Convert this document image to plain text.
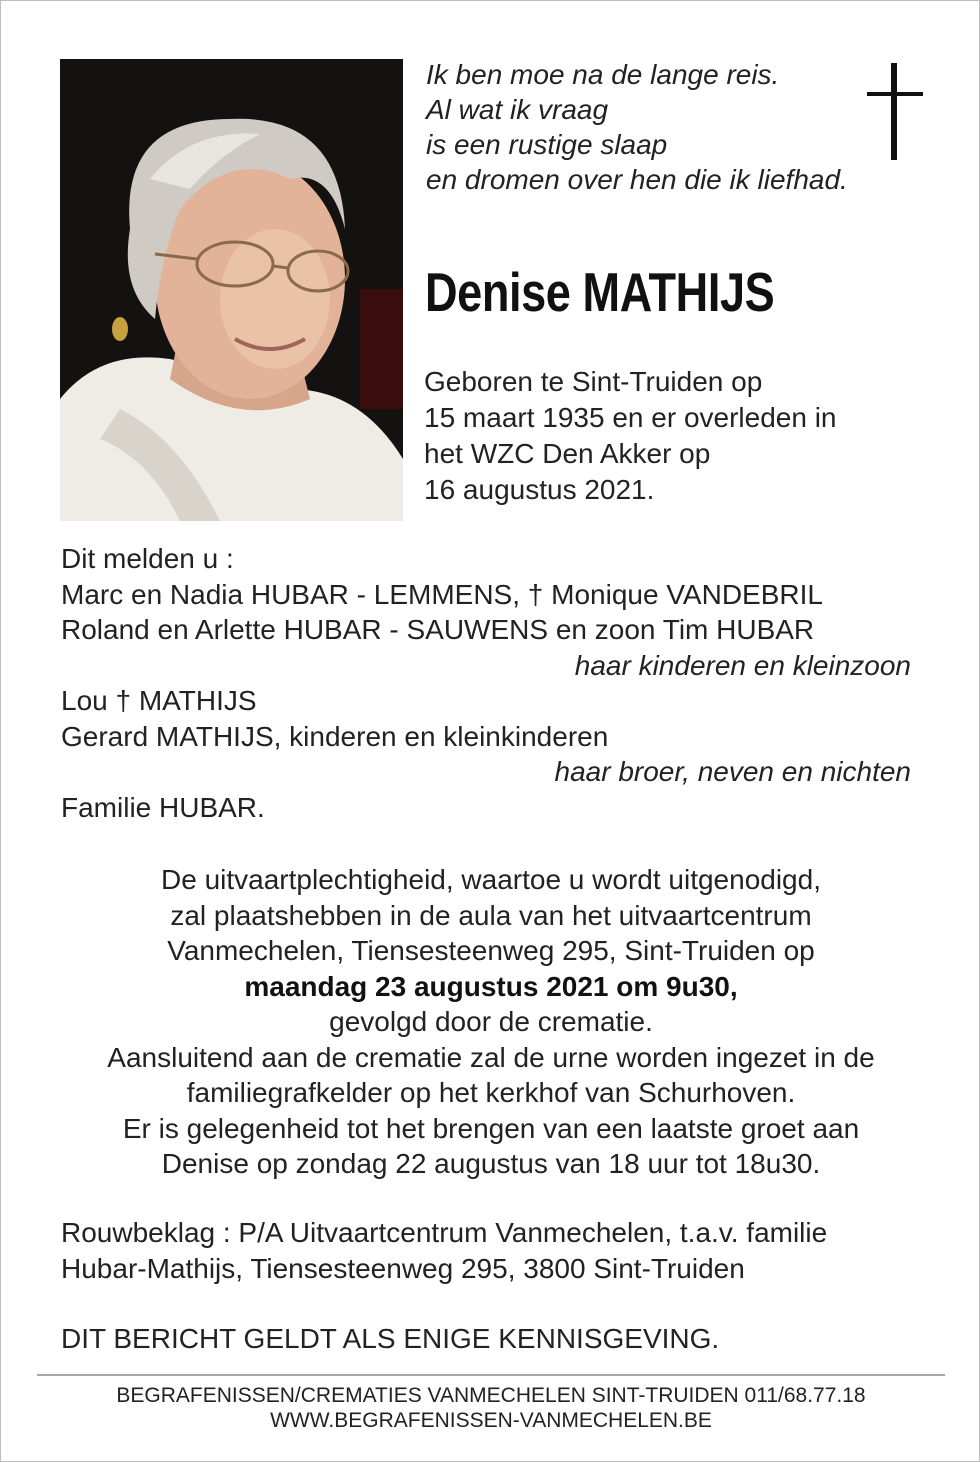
Ik ben moe na de lange reis.
Al wat ik vraag
is een rustige slaap
en dromen over hen die ik liefhad.
Denise MATHIJS
Geboren te Sint-Truiden op
15 maart 1935 en er overleden in
het WZC Den Akker op
16 augustus 2021.
Dit melden u :
Marc en Nadia HUBAR - LEMMENS, † Monique VANDEBRIL
Roland en Arlette HUBAR - SAUWENS en zoon Tim HUBAR
haar kinderen en kleinzoon
Lou † MATHIJS
Gerard MATHIJS, kinderen en kleinkinderen
haar broer, neven en nichten
Familie HUBAR.
De uitvaartplechtigheid, waartoe u wordt uitgenodigd,
zal plaatshebben in de aula van het uitvaartcentrum
Vanmechelen, Tiensesteenweg 295, Sint-Truiden op
maandag 23 augustus 2021 om 9u30,
gevolgd door de crematie.
Aansluitend aan de crematie zal de urne worden ingezet in de
familiegrafkelder op het kerkhof van Schurhoven.
Er is gelegenheid tot het brengen van een laatste groet aan
Denise op zondag 22 augustus van 18 uur tot 18u30.
Rouwbeklag : P/A Uitvaartcentrum Vanmechelen, t.a.v. familie
Hubar-Mathijs, Tiensesteenweg 295, 3800 Sint-Truiden
DIT BERICHT GELDT ALS ENIGE KENNISGEVING.
BEGRAFENISSEN/CREMATIES VANMECHELEN SINT-TRUIDEN 011/68.77.18
WWW.BEGRAFENISSEN-VANMECHELEN.BE
